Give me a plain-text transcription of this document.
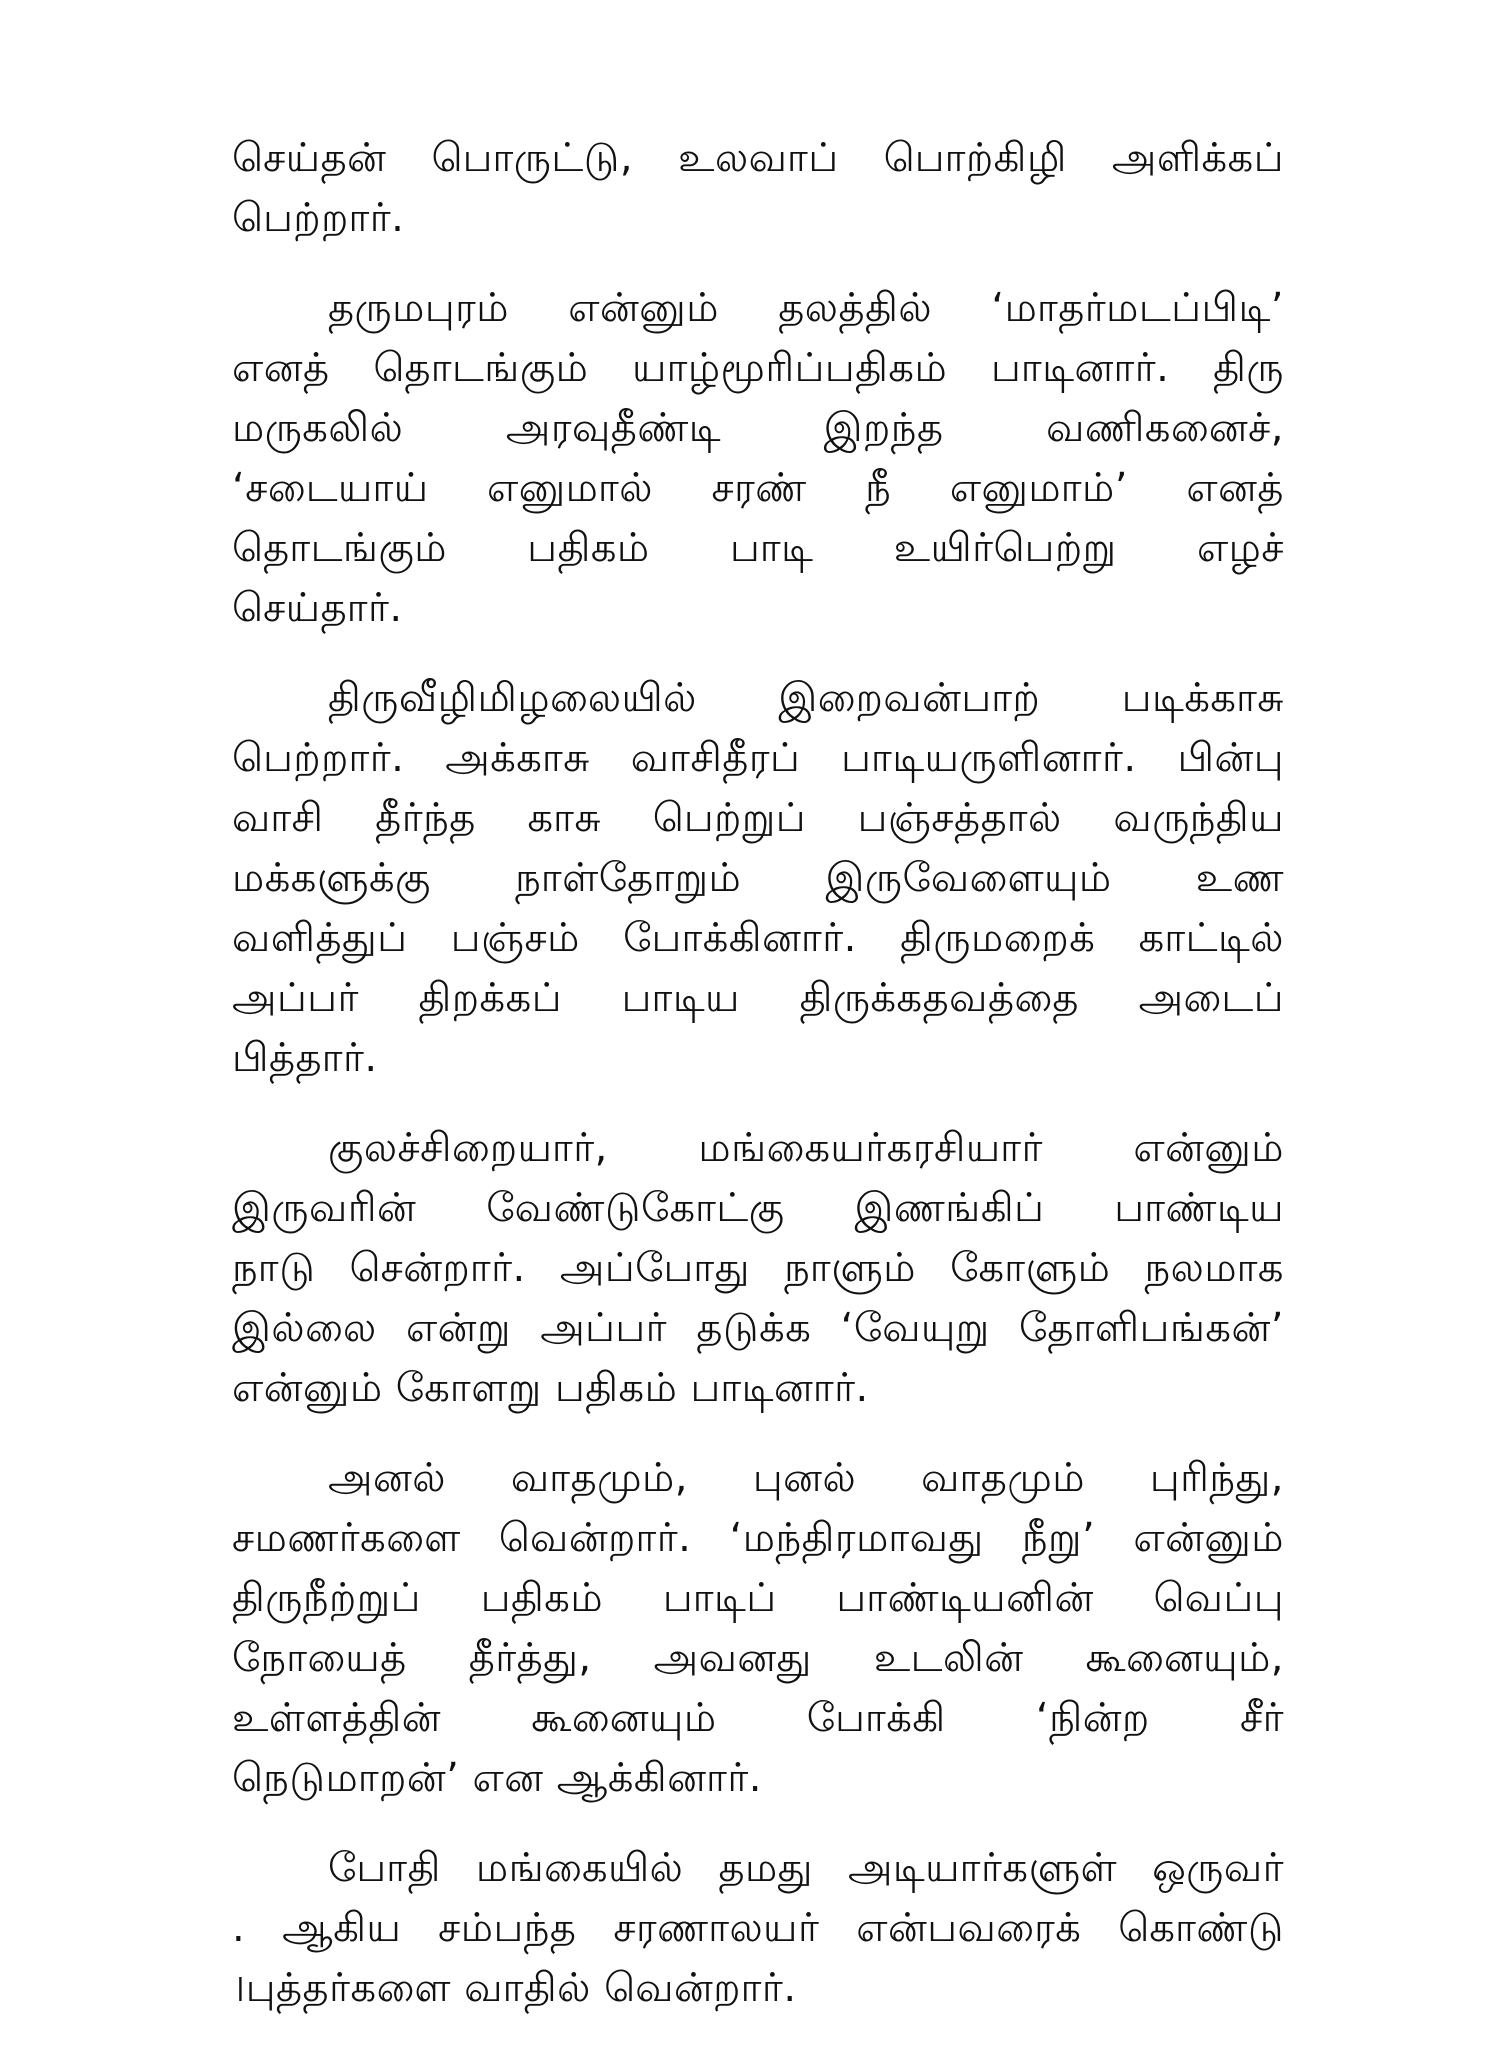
செய்தன் பொருட்டு, உலவாப் பொற்கிழி அளிக்கப்
பெற்றார்.
தருமபுரம் என்னும் தலத்தில் ‘மாதர்மடப்பிடி’
எனத் தொடங்கும் யாழ்மூரிப்பதிகம் பாடினார். திரு
மருகலில் அரவுதீண்டி இறந்த வணிகனைச்,
‘சடையாய் எனுமால் சரண் நீ எனுமாம்’ எனத்
தொடங்கும் பதிகம் பாடி உயிர்பெற்று எழச்
செய்தார்.
திருவீழிமிழலையில் இறைவன்பாற் படிக்காசு
பெற்றார். அக்காசு வாசிதீரப் பாடியருளினார். பின்பு
வாசி தீர்ந்த காசு பெற்றுப் பஞ்சத்தால் வருந்திய
மக்களுக்கு நாள்தோறும் இருவேளையும் உண
வளித்துப் பஞ்சம் போக்கினார். திருமறைக் காட்டில்
அப்பர் திறக்கப் பாடிய திருக்கதவத்தை அடைப்
பித்தார்.
குலச்சிறையார், மங்கையர்கரசியார் என்னும்
இருவரின் வேண்டுகோட்கு இணங்கிப் பாண்டிய
நாடு சென்றார். அப்போது நாளும் கோளும் நலமாக
இல்லை என்று அப்பர் தடுக்க ‘வேயுறு தோளிபங்கன்’
என்னும் கோளறு பதிகம் பாடினார்.
அனல் வாதமும், புனல் வாதமும் புரிந்து,
சமணர்களை வென்றார். ‘மந்திரமாவது நீறு’ என்னும்
திருநீற்றுப் பதிகம் பாடிப் பாண்டியனின் வெப்பு
நோயைத் தீர்த்து, அவனது உடலின் கூனையும்,
உள்ளத்தின் கூனையும் போக்கி ‘நின்ற சீர்
நெடுமாறன்’ என ஆக்கினார்.
போதி மங்கையில் தமது அடியார்களுள் ஒருவர்
. ஆகிய சம்பந்த சரணாலயர் என்பவரைக் கொண்டு
।புத்தர்களை வாதில் வென்றார்.
